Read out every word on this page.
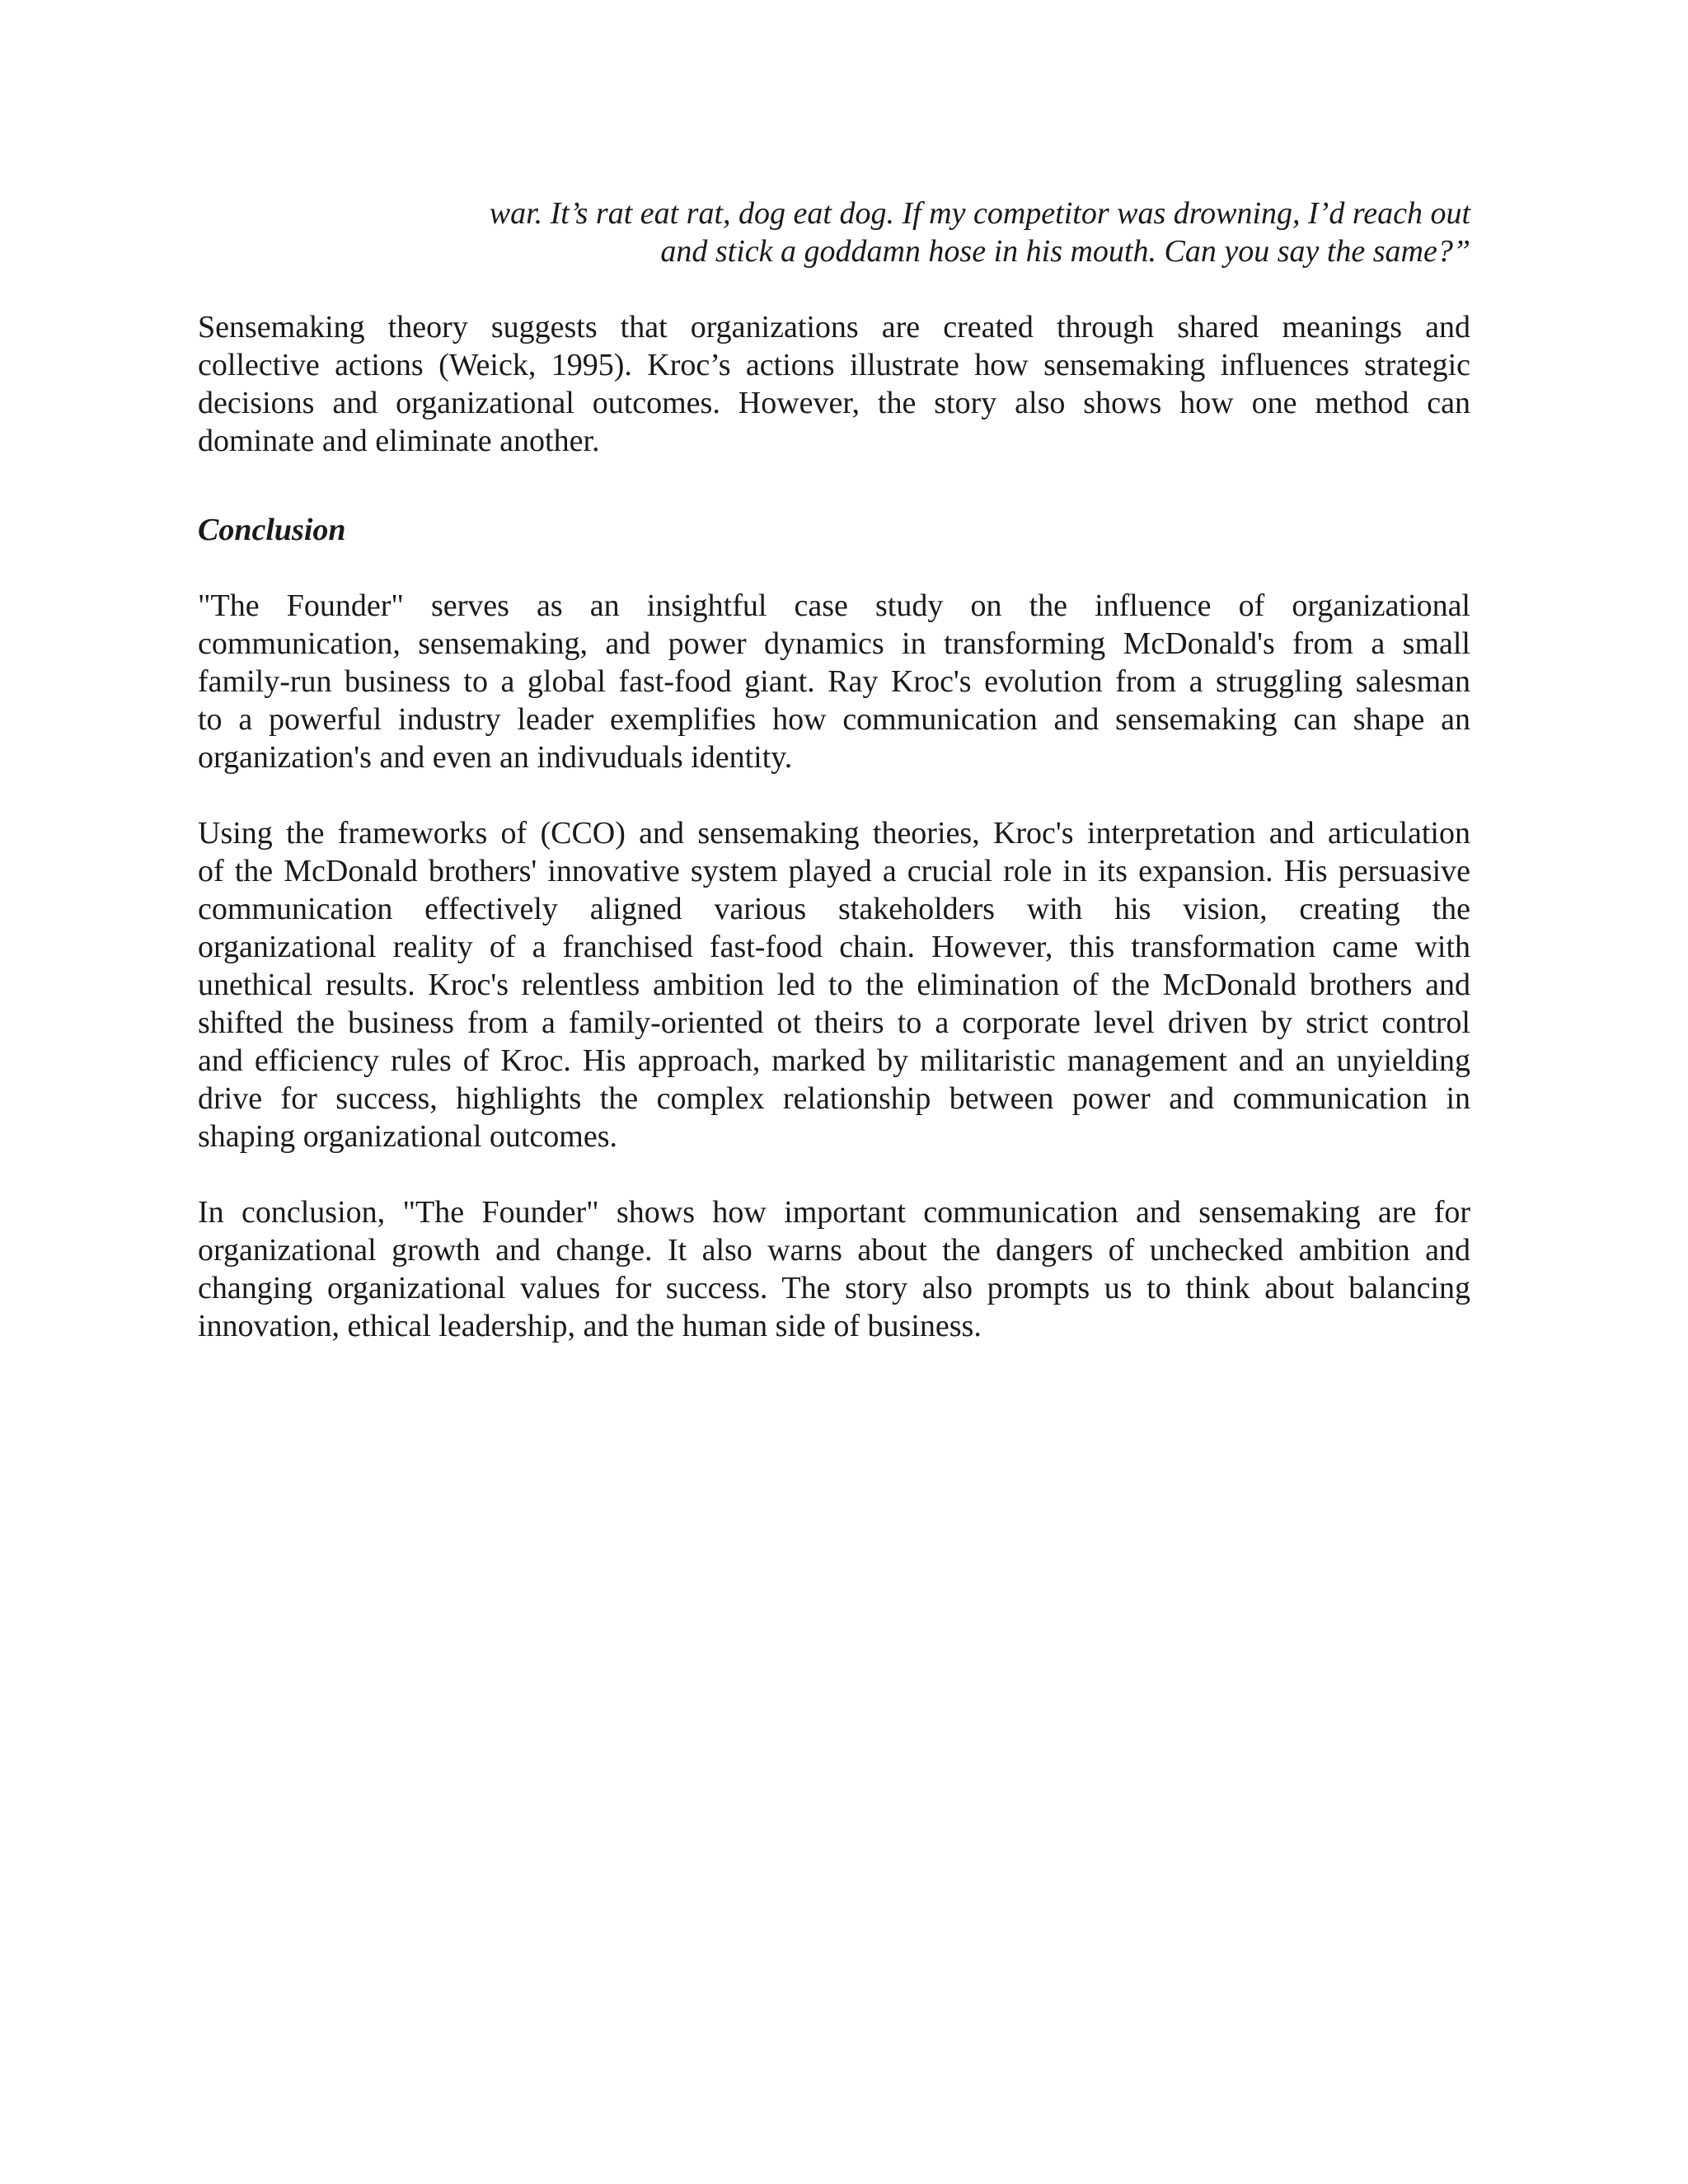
war. It’s rat eat rat, dog eat dog. If my competitor was drowning, I’d reach out

and stick a goddamn hose in his mouth. Can you say the same?”

Sensemaking theory suggests that organizations are created through shared meanings and
collective actions (Weick, 1995). Kroc’s actions illustrate how sensemaking influences strategic
decisions and organizational outcomes. However, the story also shows how one method can
dominate and eliminate another.
Conclusion
"The Founder" serves as an insightful case study on the influence of organizational
communication, sensemaking, and power dynamics in transforming McDonald's from a small
family-run business to a global fast-food giant. Ray Kroc's evolution from a struggling salesman
to a powerful industry leader exemplifies how communication and sensemaking can shape an
organization's and even an indivuduals identity.
Using the frameworks of (CCO) and sensemaking theories, Kroc's interpretation and articulation
of the McDonald brothers' innovative system played a crucial role in its expansion. His persuasive
communication effectively aligned various stakeholders with his vision, creating the
organizational reality of a franchised fast-food chain. However, this transformation came with
unethical results. Kroc's relentless ambition led to the elimination of the McDonald brothers and
shifted the business from a family-oriented ot theirs to a corporate level driven by strict control
and efficiency rules of Kroc. His approach, marked by militaristic management and an unyielding
drive for success, highlights the complex relationship between power and communication in
shaping organizational outcomes.
In conclusion, "The Founder" shows how important communication and sensemaking are for
organizational growth and change. It also warns about the dangers of unchecked ambition and
changing organizational values for success. The story also prompts us to think about balancing
innovation, ethical leadership, and the human side of business.
